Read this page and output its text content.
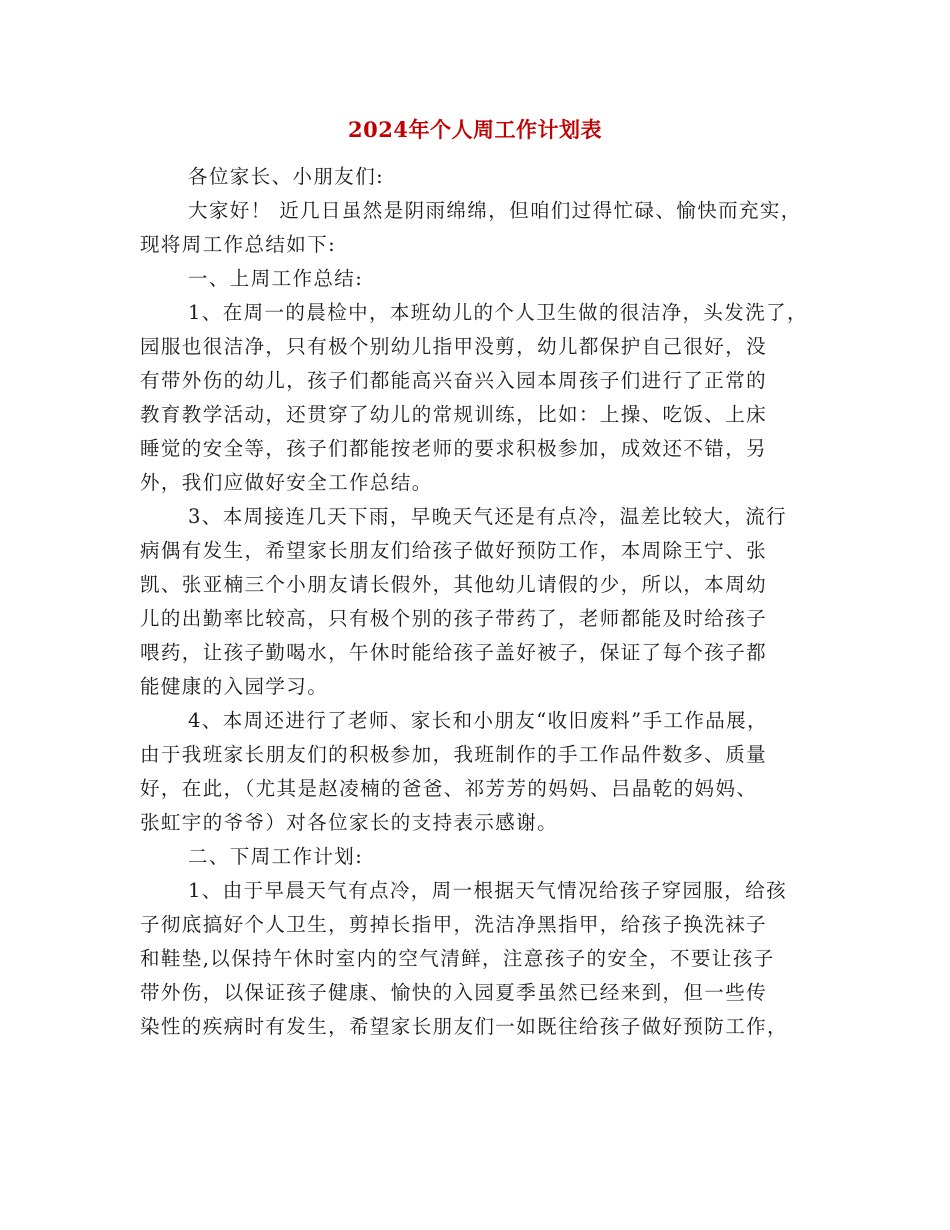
2024年个人周工作计划表
各位家长、小朋友们:
大家好！ 近几日虽然是阴雨绵绵，但咱们过得忙碌、愉快而充实，
现将周工作总结如下:
一、上周工作总结:
1、在周一的晨检中，本班幼儿的个人卫生做的很洁净，头发洗了，
园服也很洁净，只有极个别幼儿指甲没剪，幼儿都保护自己很好，没
有带外伤的幼儿，孩子们都能高兴奋兴入园本周孩子们进行了正常的
教育教学活动，还贯穿了幼儿的常规训练，比如：上操、吃饭、上床
睡觉的安全等，孩子们都能按老师的要求积极参加，成效还不错，另
外，我们应做好安全工作总结。
3、本周接连几天下雨，早晚天气还是有点冷，温差比较大，流行
病偶有发生，希望家长朋友们给孩子做好预防工作，本周除王宁、张
凯、张亚楠三个小朋友请长假外，其他幼儿请假的少，所以，本周幼
儿的出勤率比较高，只有极个别的孩子带药了，老师都能及时给孩子
喂药，让孩子勤喝水，午休时能给孩子盖好被子，保证了每个孩子都
能健康的入园学习。
4、本周还进行了老师、家长和小朋友“收旧废料”手工作品展，
由于我班家长朋友们的积极参加，我班制作的手工作品件数多、质量
好，在此，（尤其是赵凌楠的爸爸、祁芳芳的妈妈、吕晶乾的妈妈、
张虹宇的爷爷）对各位家长的支持表示感谢。
二、下周工作计划:
1、由于早晨天气有点冷，周一根据天气情况给孩子穿园服，给孩
子彻底搞好个人卫生，剪掉长指甲，洗洁净黑指甲，给孩子换洗袜子
和鞋垫,以保持午休时室内的空气清鲜，注意孩子的安全，不要让孩子
带外伤，以保证孩子健康、愉快的入园夏季虽然已经来到，但一些传
染性的疾病时有发生，希望家长朋友们一如既往给孩子做好预防工作，
